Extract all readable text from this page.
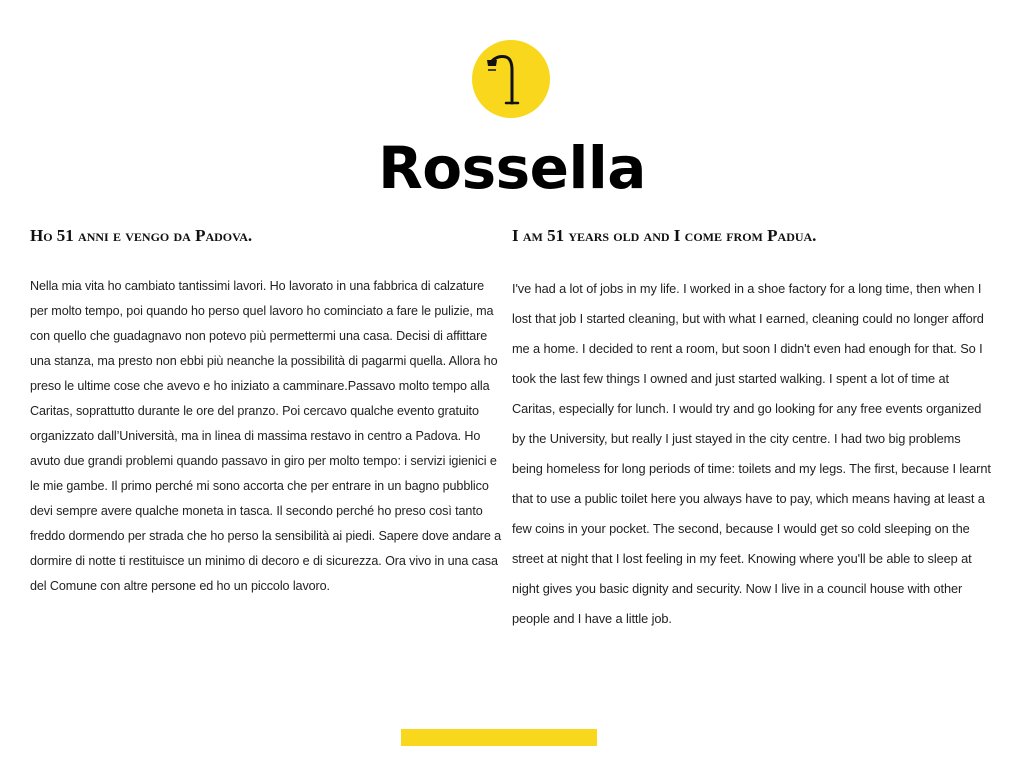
Rossella
Ho 51 anni e vengo da Padova.
Nella mia vita ho cambiato tantissimi lavori. Ho lavorato in una fabbrica di calzature per molto tempo, poi quando ho perso quel lavoro ho cominciato a fare le pulizie, ma con quello che guadagnavo non potevo più permettermi una casa. Decisi di affittare una stanza, ma presto non ebbi più neanche la possibilità di pagarmi quella. Allora ho preso le ultime cose che avevo e ho iniziato a camminare.Passavo molto tempo alla Caritas, soprattutto durante le ore del pranzo. Poi cercavo qualche evento gratuito organizzato dall’Università, ma in linea di massima restavo in centro a Padova. Ho avuto due grandi problemi quando passavo in giro per molto tempo: i servizi igienici e le mie gambe. Il primo perché mi sono accorta che per entrare in un bagno pubblico devi sempre avere qualche moneta in tasca. Il secondo perché ho preso così tanto freddo dormendo per strada che ho perso la sensibilità ai piedi. Sapere dove andare a dormire di notte ti restituisce un minimo di decoro e di sicurezza. Ora vivo in una casa del Comune con altre persone ed ho un piccolo lavoro.
I am 51 years old and I come from Padua.
I've had a lot of jobs in my life. I worked in a shoe factory for a long time, then when I lost that job I started cleaning, but with what I earned, cleaning could no longer afford me a home. I decided to rent a room, but soon I didn't even had enough for that. So I took the last few things I owned and just started walking. I spent a lot of time at Caritas, especially for lunch. I would try and go looking for any free events organized by the University, but really I just stayed in the city centre. I had two big problems being homeless for long periods of time: toilets and my legs. The first, because I learnt that to use a public toilet here you always have to pay, which means having at least a few coins in your pocket. The second, because I would get so cold sleeping on the street at night that I lost feeling in my feet. Knowing where you'll be able to sleep at night gives you basic dignity and security. Now I live in a council house with other people and I have a little job.
